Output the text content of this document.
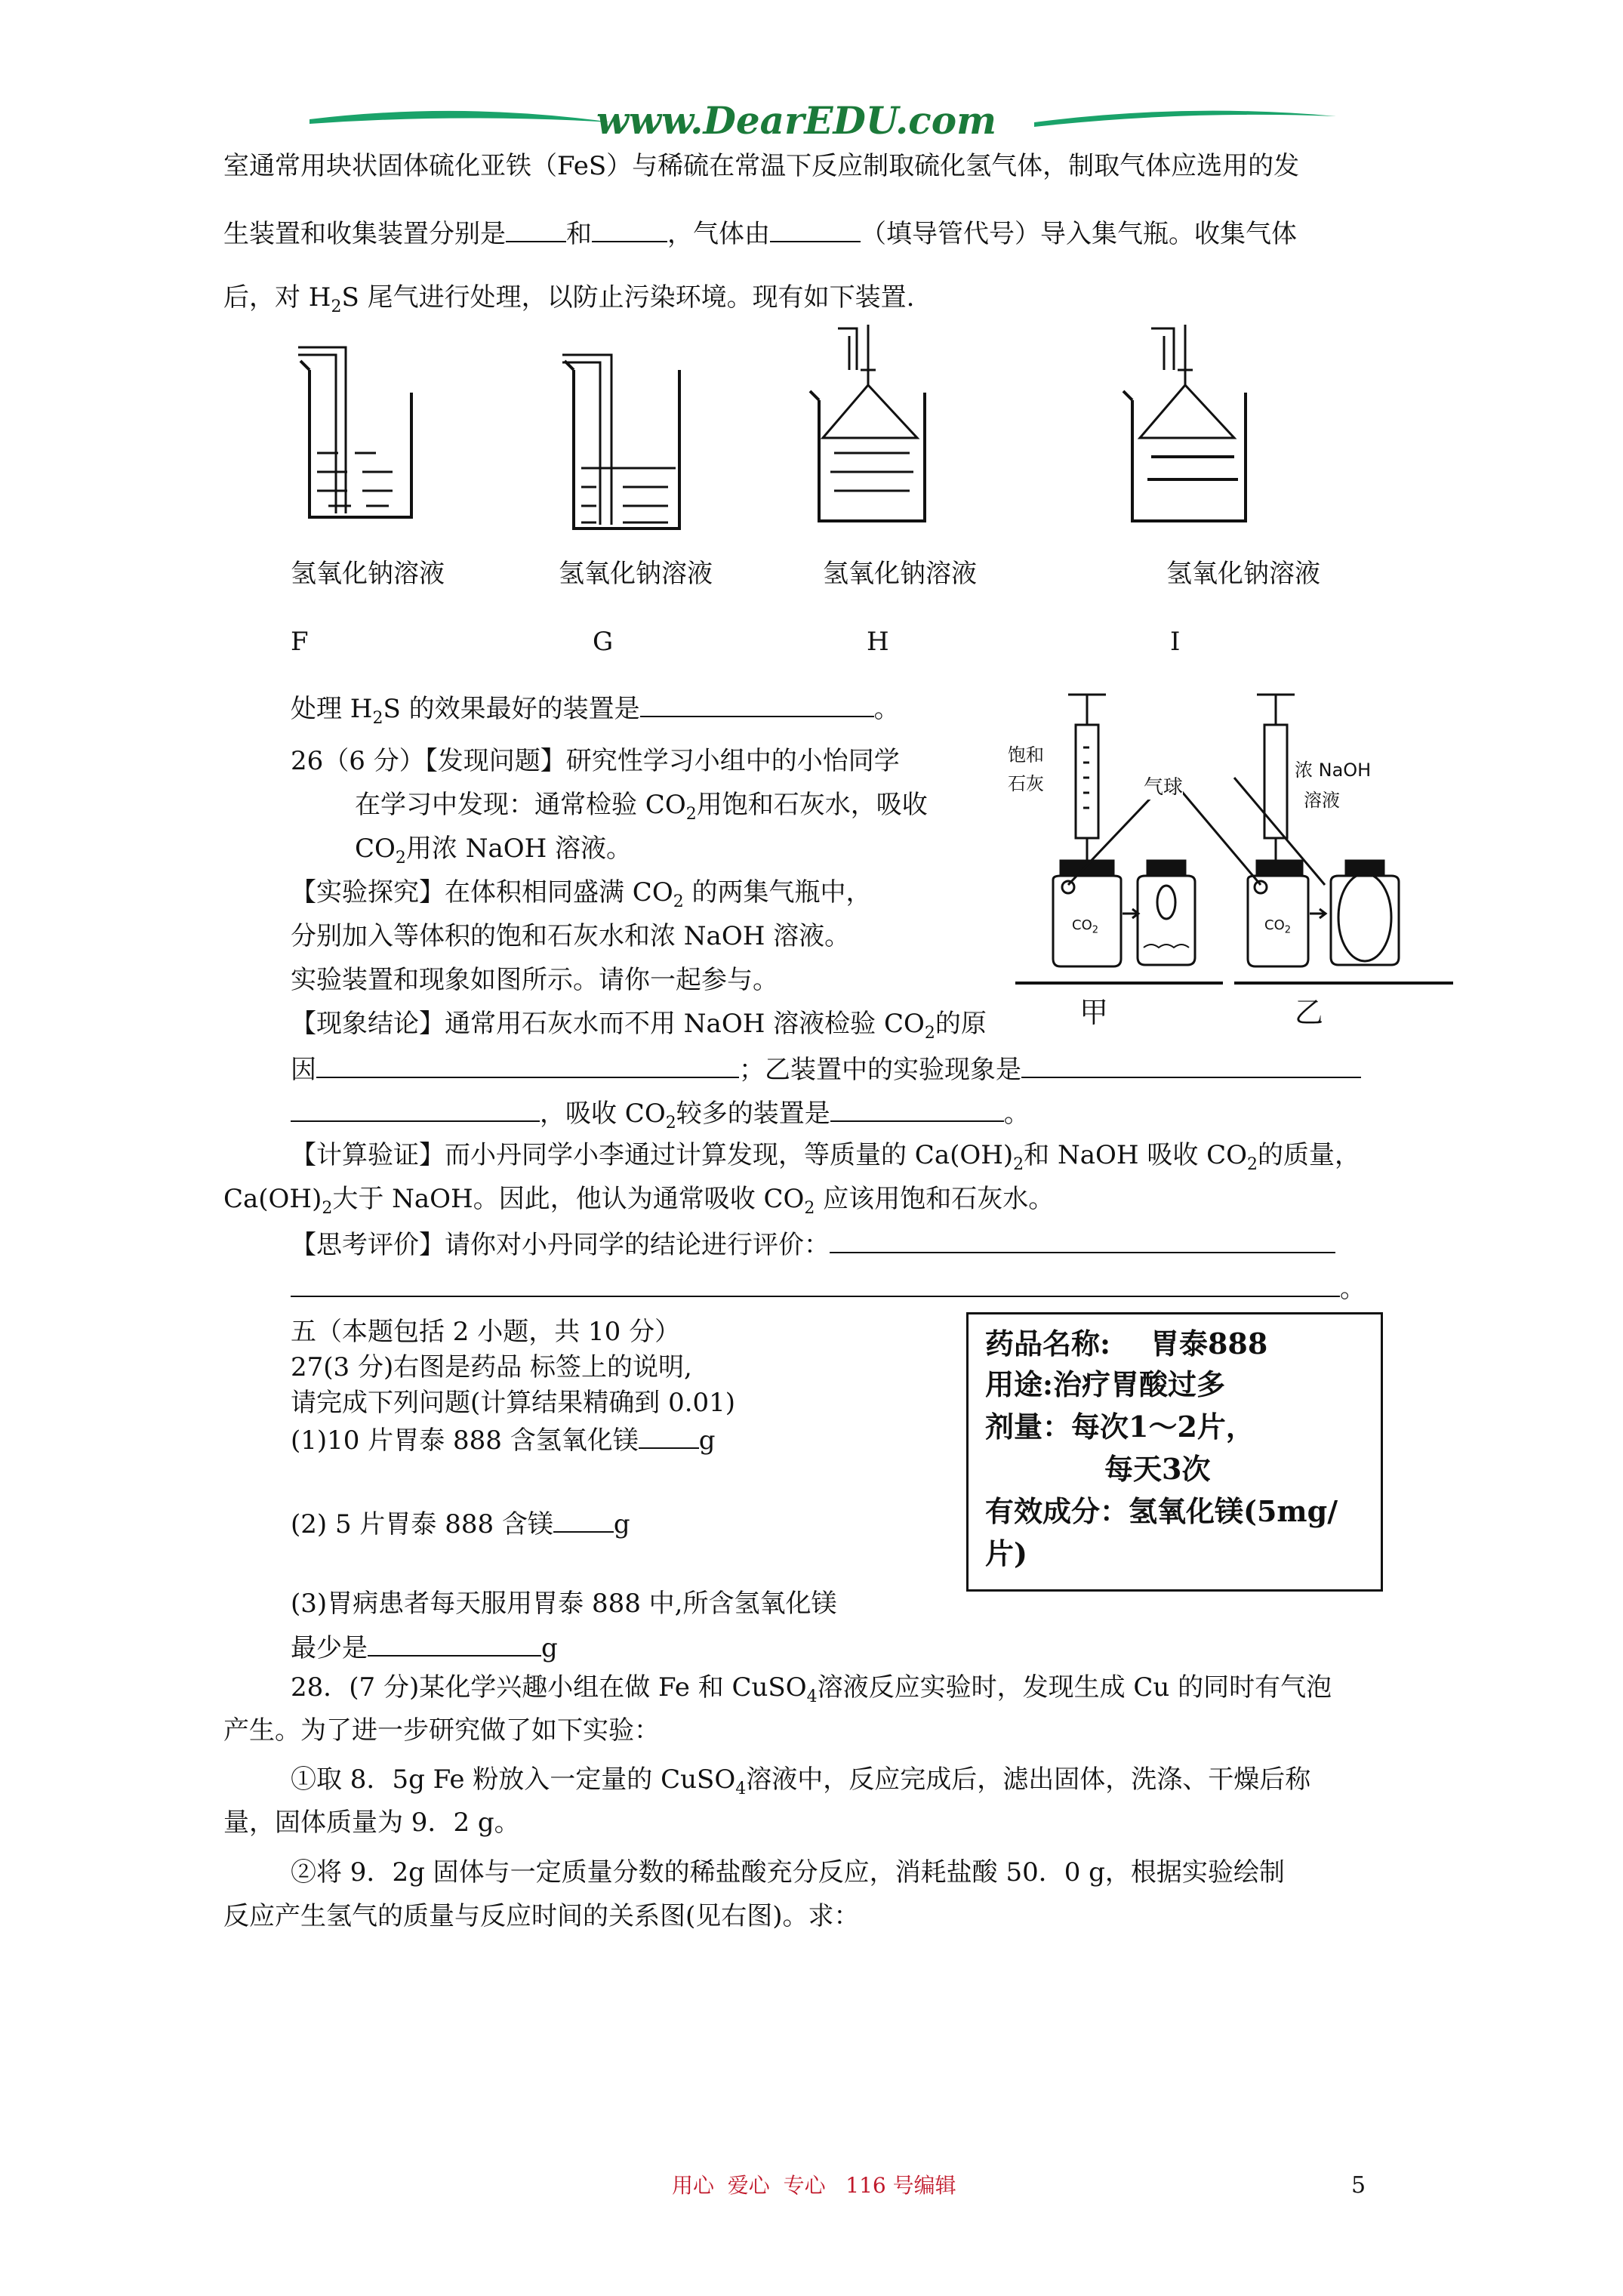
www.DearEDU.com
室通常用块状固体硫化亚铁（FeS）与稀硫在常温下反应制取硫化氢气体，制取气体应选用的发
生装置和收集装置分别是 和	，气体由	（填导管代号）导入集气瓶。收集气体
后，对 $H_2S$ 尾气进行处理，以防止污染环境。现有如下装置.
氢氧化钠溶液	氢氧化钠溶液	氢氧化钠溶液	氢氧化钠溶液
F	G	H	I
处理 $H_2S$ 的效果最好的装置是	。
26（6 分）【发现问题】研究性学习小组中的小怡同学
在学习中发现：通常检验 $CO_2$用饱和石灰水，吸收
$CO_2$用浓 NaOH 溶液。
【实验探究】在体积相同盛满 $CO_2$ 的两集气瓶中，
分别加入等体积的饱和石灰水和浓 NaOH 溶液。
实验装置和现象如图所示。请你一起参与。
【现象结论】通常用石灰水而不用 NaOH 溶液检验 $CO_2$的原
因	；乙装置中的实验现象是
，吸收 $CO_2$较多的装置是	。
【计算验证】而小丹同学小李通过计算发现，等质量的 $Ca(OH)_2$和 NaOH 吸收 $CO_2$的质量，
$Ca(OH)_2$大于 NaOH。因此，他认为通常吸收 $CO_2$ 应该用饱和石灰水。
【思考评价】请你对小丹同学的结论进行评价：
。
饱和
石灰	气球
浓 NaOH
溶液
$CO_2$	$CO_2$
甲	乙
五（本题包括 2 小题，共 10 分）
27(3 分)右图是药品 标签上的说明,
请完成下列问题(计算结果精确到 0.01)
(1)10 片胃泰 888 含氢氧化镁 g
(2) 5 片胃泰 888 含镁 g
(3)胃病患者每天服用胃泰 888 中,所含氢氧化镁
最少是	g
药品名称:    胃泰888
用途:治疗胃酸过多
剂量：每次1～2片，
每天3次
有效成分：氢氧化镁(5mg/
片)
28．(7 分)某化学兴趣小组在做 Fe 和 CuSO$_4$溶液反应实验时，发现生成 Cu 的同时有气泡
产生。为了进一步研究做了如下实验：
①取 8．5g Fe 粉放入一定量的 CuSO$_4$溶液中，反应完成后，滤出固体，洗涤、干燥后称
量，固体质量为 9．2 g。
②将 9．2g 固体与一定质量分数的稀盐酸充分反应，消耗盐酸 50．0 g，根据实验绘制
反应产生氢气的质量与反应时间的关系图(见右图)。求：
用心  爱心  专心   116 号编辑	5
